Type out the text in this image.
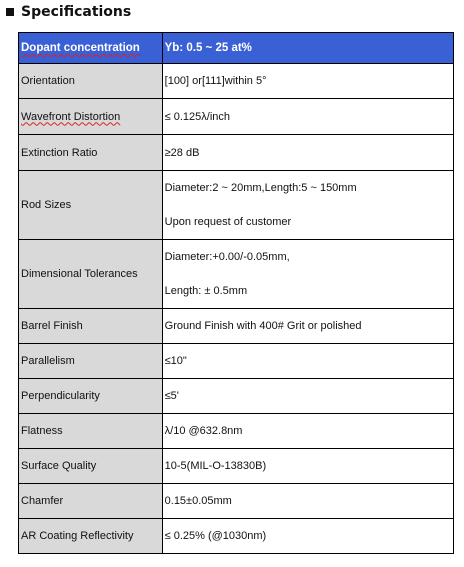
Specifications
Dopant concentration	Yb: 0.5 ~ 25 at%
Orientation	[100] or[111]within 5°
Wavefront Distortion	≤ 0.125λ/inch
Extinction Ratio	≥28 dB
Rod Sizes	Diameter:2 ~ 20mm,Length:5 ~ 150mm
Upon request of customer

Dimensional Tolerances	Diameter:+0.00/-0.05mm,
Length: ± 0.5mm

Barrel Finish	Ground Finish with 400# Grit or polished
Parallelism	≤10"
Perpendicularity	≤5'
Flatness	λ/10 @632.8nm
Surface Quality	10-5(MIL-O-13830B)
Chamfer	0.15±0.05mm
AR Coating Reflectivity	≤ 0.25% (@1030nm)
